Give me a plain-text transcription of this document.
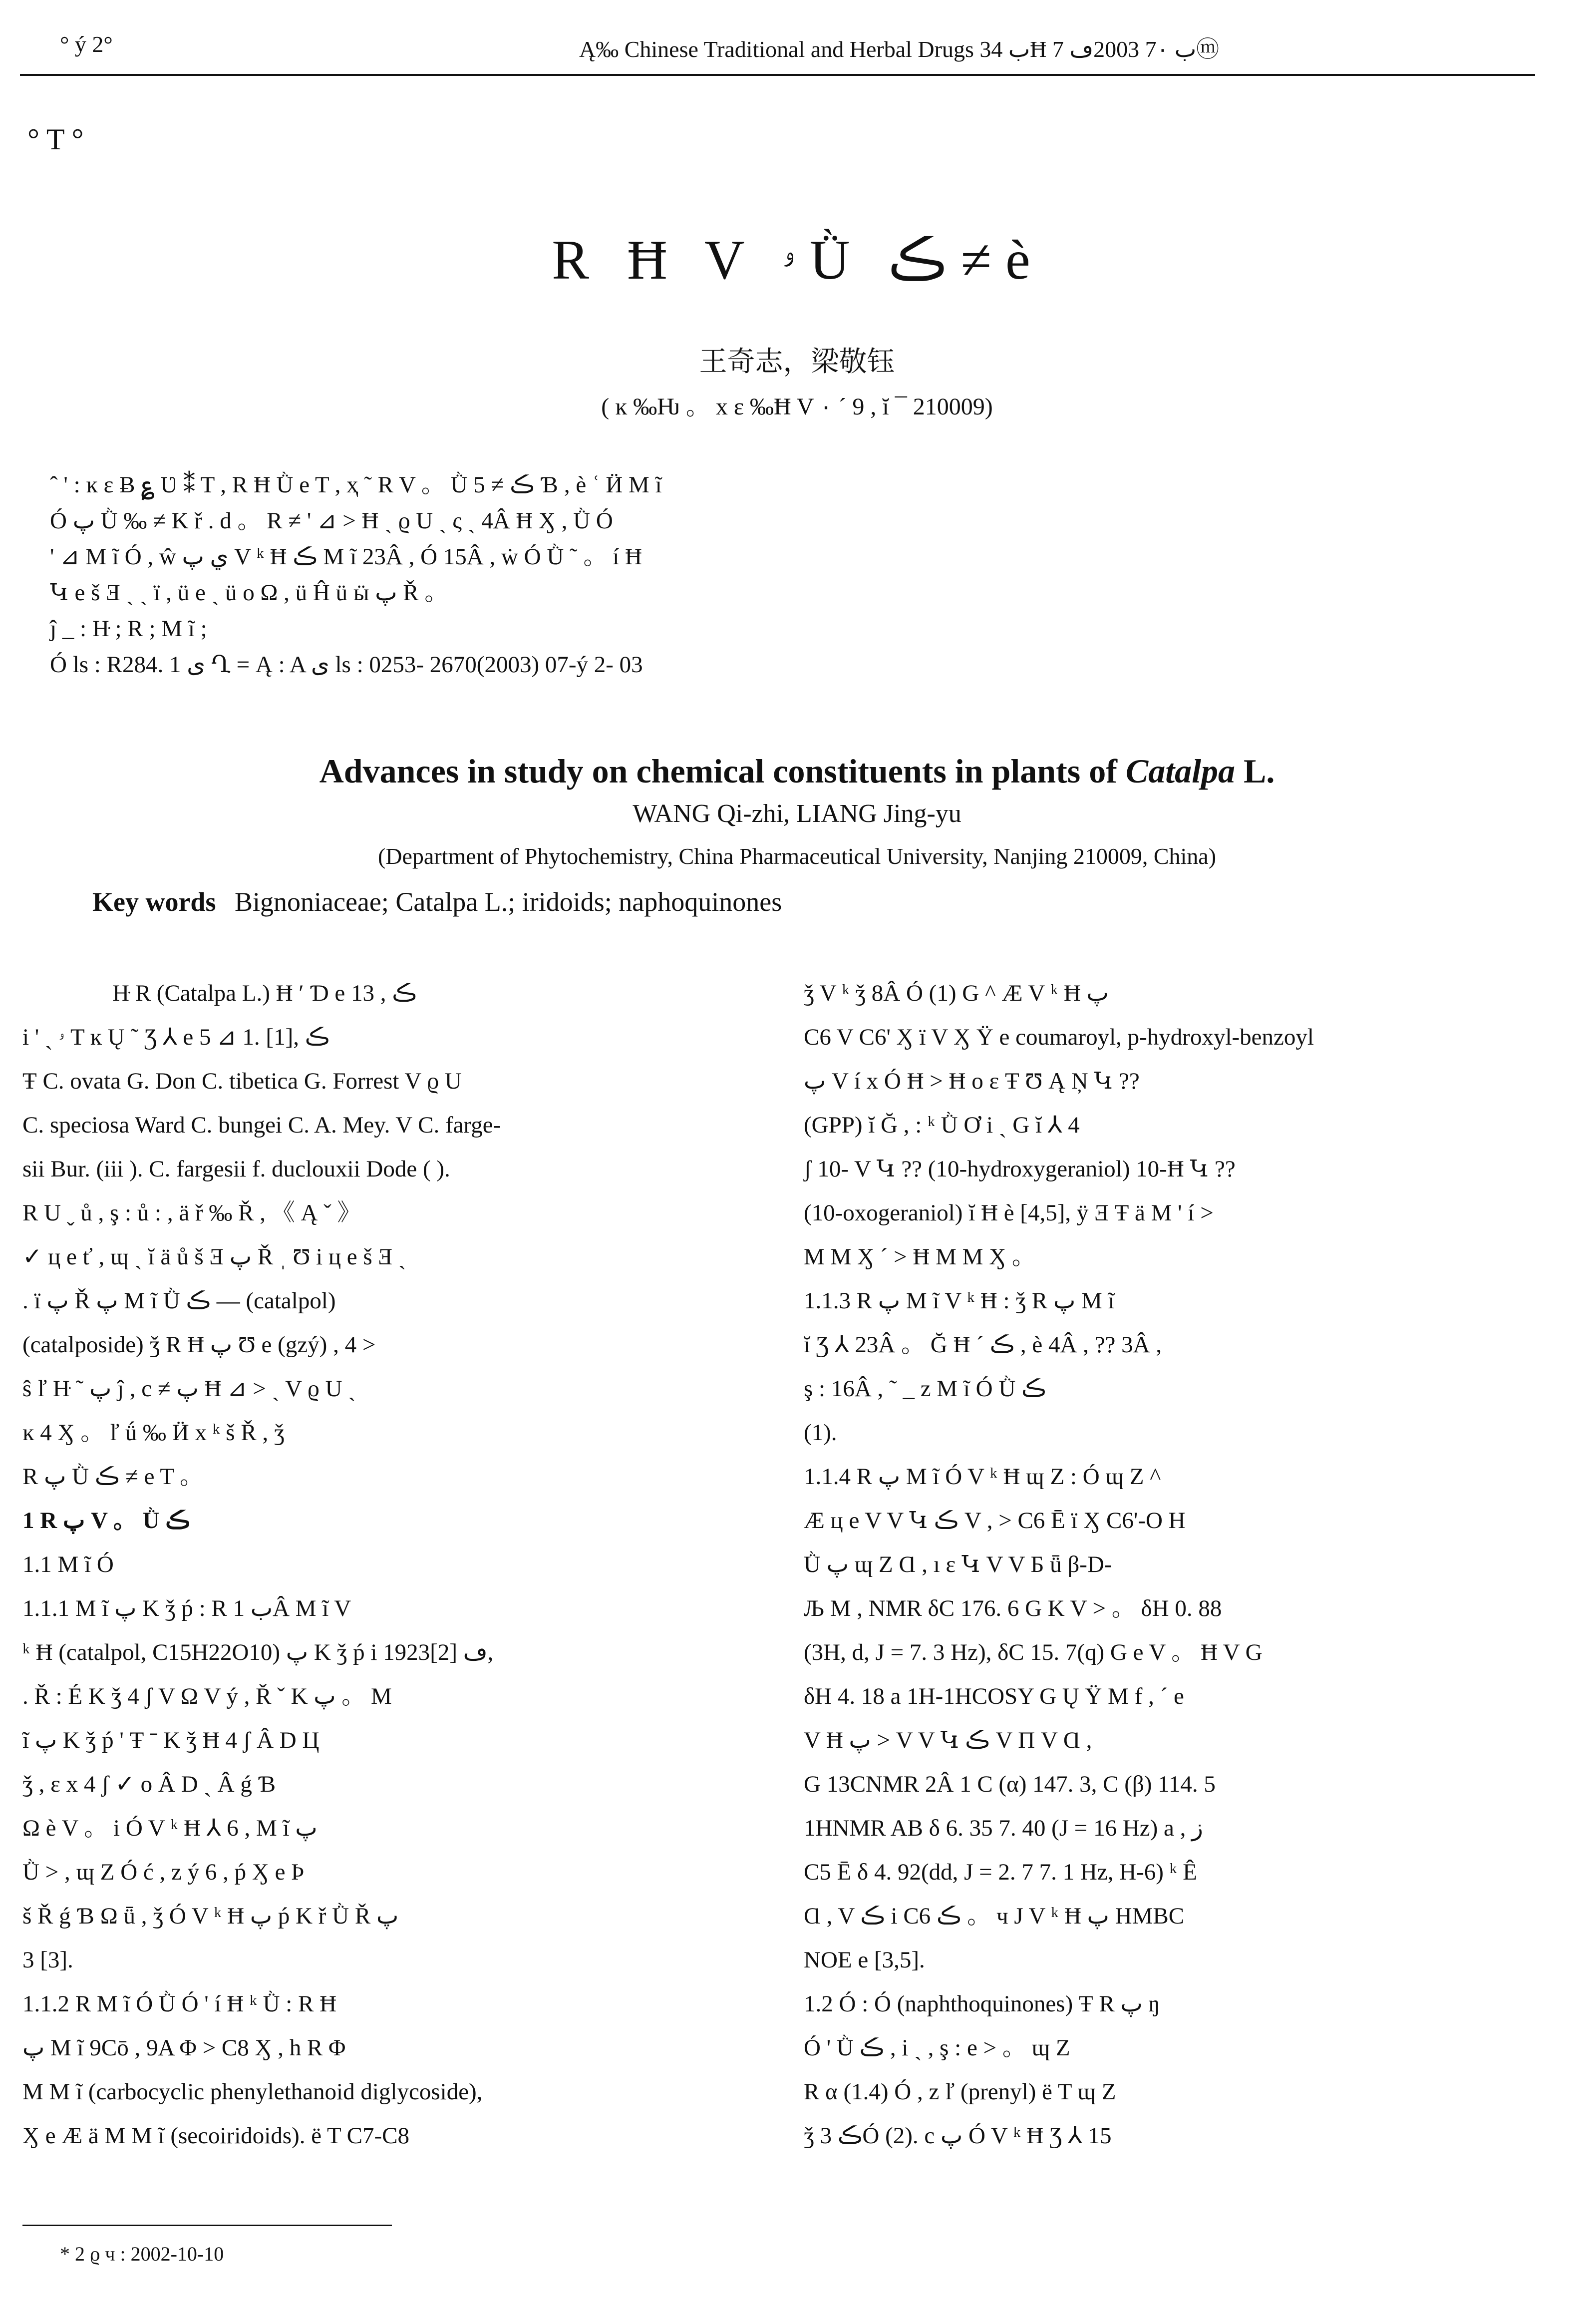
° ý 2°	Ą‰ Chinese Traditional and Herbal Drugs ب 34Ħ ب 7۰ 2003ڡ 7ⓜ
° T °
R Ħ V ۥ Ǜ ڪ ≠ è
王奇志，梁敬钰
( ĸ ‰Ƕ 。 x ε ‰Ħ V ۰ ´ 9 , ĭ ¯ 210009)

ˆ ' : ĸ ε Ƀ ؏ Ʋ ⁑ T , R Ħ Ǜ e T , ҳ ˜ R V 。 Ǜ ڪ ≠ 5 Ɓ , è ʿ Ӥ M ĩ

Ó پ Ǜ ‰ ≠ K ř . d 。 R ≠ ' ⊿ > Ħ ˎ ϱ U ˏ ς ˎ 4Â Ħ Ӽ , Ǜ Ó

' ⊿ M ĩ Ó , ŵ ي پ V ᵏ Ħ ڪ M ĩ 23Â , Ó 15Â , ẇ Ó Ǜ ˜ 。 í Ħ

Կ e š Ǝ ˎ ˎ ï , ü e ˎ ü o Ω , ü Ĥ ü ӹ پ Ř 。

ĵ _ : Hּ ; R ; M ĩ ;

Ó ls : R284. 1 ی Ղ = Ą : A ی ls : 0253- 2670(2003) 07-ý 2- 03

Advances in study on chemical constituents in plants of Catalpa L.
WANG Qi-zhi, LIANG Jing-yu
(Department of Phytochemistry, China Pharmaceutical University, Nanjing 210009, China)
Key words Bignoniaceae; Catalpa L.; iridoids; naphoquinones

Hּ R (Catalpa L.) Ħ ʹ Ɗ e 13 , ڪ

i ' ˎ ۥ T ĸ Ų ˜ Ʒ ⅄ e 5 ⊿ 1. [1], ڪ

Ŧ C. ovata G. Don C. tibetica G. Forrest V ϱ U

C. speciosa Ward C. bungei C. A. Mey. V C. farge-

sii Bur. (iii ). C. fargesii f. duclouxii Dode ( ).

R U ˬ ů , ş : ů : , ä ř ‰ Ř , 《 Ą ˇ 》

✓ ц e ť , ɰ ˎ ĭ ä ů š Ǝ پ Ř ˌ Ʊ i ц e š Ǝ ˎ

. ï پ Ř پ M ĩ Ǜ ڪ — (catalpol)

(catalposide) ǯ R Ħ پ Ʊ e (gzý) , 4 >

ŝ ľ Hּ ˜ پ ĵ , c ≠ پ Ħ ⊿ > ˎ V ϱ U ˎ

ĸ 4 Ӽ 。 ľ ǘ ‰ Ӥ x ᵏ š Ř , ǯ

R پ Ǜ ڪ ≠ e T 。

1 R پ V 。 Ǜ ڪ

1.1 M ĩ Ó

1.1.1 M ĩ پ K ǯ ṕ : R ب 1Â M ĩ V

ᵏ Ħ (catalpol, C15H22O10) پ K ǯ ṕ i 1923ڡ [2],

. Ř : É K ǯ 4 ʃ V Ω V ý , Ř ˇ K پ 。 M

ĩ پ K ǯ ṕ ' Ŧ ˉ K ǯ Ħ 4 ʃ Â D Ц

ǯ , ε x 4 ʃ ✓ o Â D ˎ Â ǵ Ɓ

Ω è V 。 i Ó V ᵏ Ħ ⅄ 6 , M ĩ پ

Ǜ > , ɰ Ζ Ó ć , z ý 6 , ṕ Ӽ e Þ

š Ř ǵ Ɓ Ω ǖ , ǯ Ó V ᵏ Ħ پ ṕ K ř Ǜ Ř پ

3 [3].

1.1.2 R M ĩ Ó Ǜ Ó ' í Ħ ᵏ Ǜ : R Ħ

پ M ĩ 9Cō , 9A Φ > C8 Ӽ , h R Φ

M M ĩ (carbocyclic phenylethanoid diglycoside),

Ӽ e Æ ä M M ĩ (secoiridoids). ë T C7-C8

ǯ V ᵏ ǯ 8Â Ó (1) G ^ Æ V ᵏ Ħ پ

C6 V C6' Ӽ ï V Ӽ Ÿ e coumaroyl, p-hydroxyl-benzoyl

پ V í x Ó Ħ > Ħ o ε Ŧ Ʊ Ą Ņ Կ ??

(GPP) ĭ Ğ , : ᵏ Ǜ Ơ i ˎ G ĭ ⅄ 4

ʃ 10- V Կ ?? (10-hydroxygeraniol) 10-Ħ Կ ??

(10-oxogeraniol) ĭ Ħ è [4,5], ÿ Ǝ Ŧ ä M ' í >

M M Ӽ ´ > Ħ M M Ӽ 。

1.1.3 R پ M ĩ V ᵏ Ħ : ǯ R پ M ĩ

ĭ Ʒ ⅄ 23Â 。 Ğ Ħ ´ ڪ , è 4Â , ?? 3Â ,

ş : 16Â , ˜ _ z M ĩ Ó Ǜ ڪ

(1).

1.1.4 R پ M ĩ Ó V ᵏ Ħ ɰ Ζ : Ó ɰ Ζ ^

Æ ц e V V Կ ڪ V , > C6 Ē ï Ӽ C6'-O H

Ǜ پ ɰ Ζ Ɑ , ı ɛ Կ V V Б ǖ β-D-

Љ M , NMR δC 176. 6 G K V > 。 δH 0. 88

(3H, d, J = 7. 3 Hz), δC 15. 7(q) G e V 。 Ħ V G

δH 4. 18 a 1H-1HCOSY G Ų Ÿ M f , ´ e

V Ħ پ > V V Կ ڪ V П V Ɑ ,

G 13CNMR 2Â 1 C (α) 147. 3, C (β) 114. 5

1HNMR AB δ 6. 35 7. 40 (J = 16 Hz) a , ز

C5 Ē δ 4. 92(dd, J = 2. 7 7. 1 Hz, H-6) ᵏ Ê

Ɑ , V ڪ i C6 ڪ 。 ч J V ᵏ Ħ پ HMBC

NOE e [3,5].

1.2 Ó : Ó (naphthoquinones) Ŧ R پ ŋ

Ó ' Ǜ ڪ , i ˎ , ş : e > 。 ɰ Ζ

R α (1.4) Ó , z ľ (prenyl) ë T ɰ Ζ

ǯ ڪ 3Ó (2). c پ Ó V ᵏ Ħ Ʒ ⅄ 15

* 2 ϱ ч : 2002-10-10
